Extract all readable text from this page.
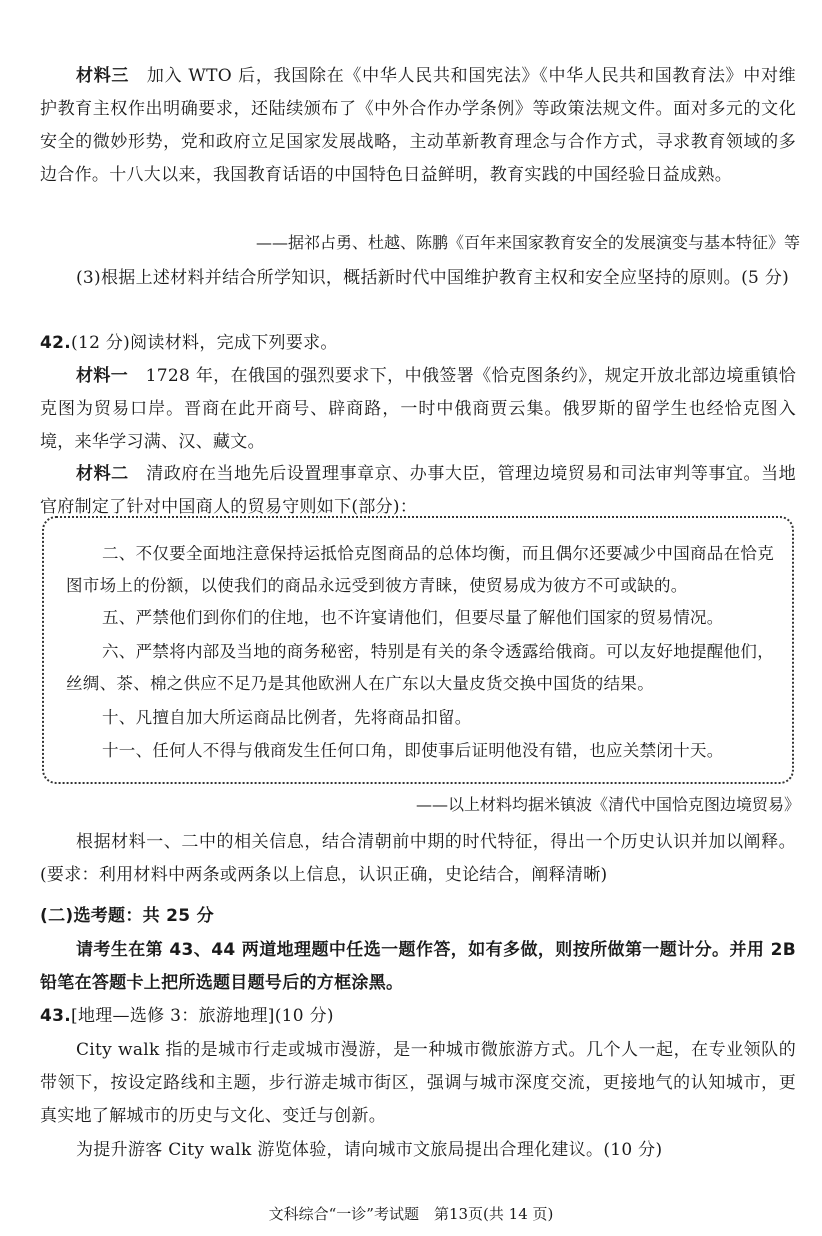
材料三　 加入 WTO 后，我国除在《中华人民共和国宪法》《中华人民共和国教育法》中对维护教育主权作出明确要求，还陆续颁布了《中外合作办学条例》等政策法规文件。面对多元的文化安全的微妙形势，党和政府立足国家发展战略，主动革新教育理念与合作方式，寻求教育领域的多边合作。十八大以来，我国教育话语的中国特色日益鲜明，教育实践的中国经验日益成熟。

——据祁占勇、杜越、陈鹏《百年来国家教育安全的发展演变与基本特征》等

(3)根据上述材料并结合所学知识，概括新时代中国维护教育主权和安全应坚持的原则。(5 分)

42.(12 分)阅读材料，完成下列要求。

材料一　 1728 年，在俄国的强烈要求下，中俄签署《恰克图条约》，规定开放北部边境重镇恰克图为贸易口岸。晋商在此开商号、辟商路，一时中俄商贾云集。俄罗斯的留学生也经恰克图入境，来华学习满、汉、藏文。

材料二　 清政府在当地先后设置理事章京、办事大臣，管理边境贸易和司法审判等事宜。当地官府制定了针对中国商人的贸易守则如下(部分)：

二、不仅要全面地注意保持运抵恰克图商品的总体均衡，而且偶尔还要减少中国商品在恰克图市场上的份额，以使我们的商品永远受到彼方青睐，使贸易成为彼方不可或缺的。

五、严禁他们到你们的住地，也不许宴请他们，但要尽量了解他们国家的贸易情况。

六、严禁将内部及当地的商务秘密，特别是有关的条令透露给俄商。可以友好地提醒他们，丝绸、茶、棉之供应不足乃是其他欧洲人在广东以大量皮货交换中国货的结果。

十、凡擅自加大所运商品比例者，先将商品扣留。

十一、任何人不得与俄商发生任何口角，即使事后证明他没有错，也应关禁闭十天。

——以上材料均据米镇波《清代中国恰克图边境贸易》

根据材料一、二中的相关信息，结合清朝前中期的时代特征，得出一个历史认识并加以阐释。(要求：利用材料中两条或两条以上信息，认识正确，史论结合，阐释清晰)

(二)选考题：共 25 分

请考生在第 43、44 两道地理题中任选一题作答，如有多做，则按所做第一题计分。并用 2B 铅笔在答题卡上把所选题目题号后的方框涂黑。

43.[地理—选修 3：旅游地理](10 分)

City walk 指的是城市行走或城市漫游，是一种城市微旅游方式。几个人一起，在专业领队的带领下，按设定路线和主题，步行游走城市街区，强调与城市深度交流，更接地气的认知城市，更真实地了解城市的历史与文化、变迁与创新。

为提升游客 City walk 游览体验，请向城市文旅局提出合理化建议。(10 分)

文科综合“一诊”考试题　第13页(共 14 页)
